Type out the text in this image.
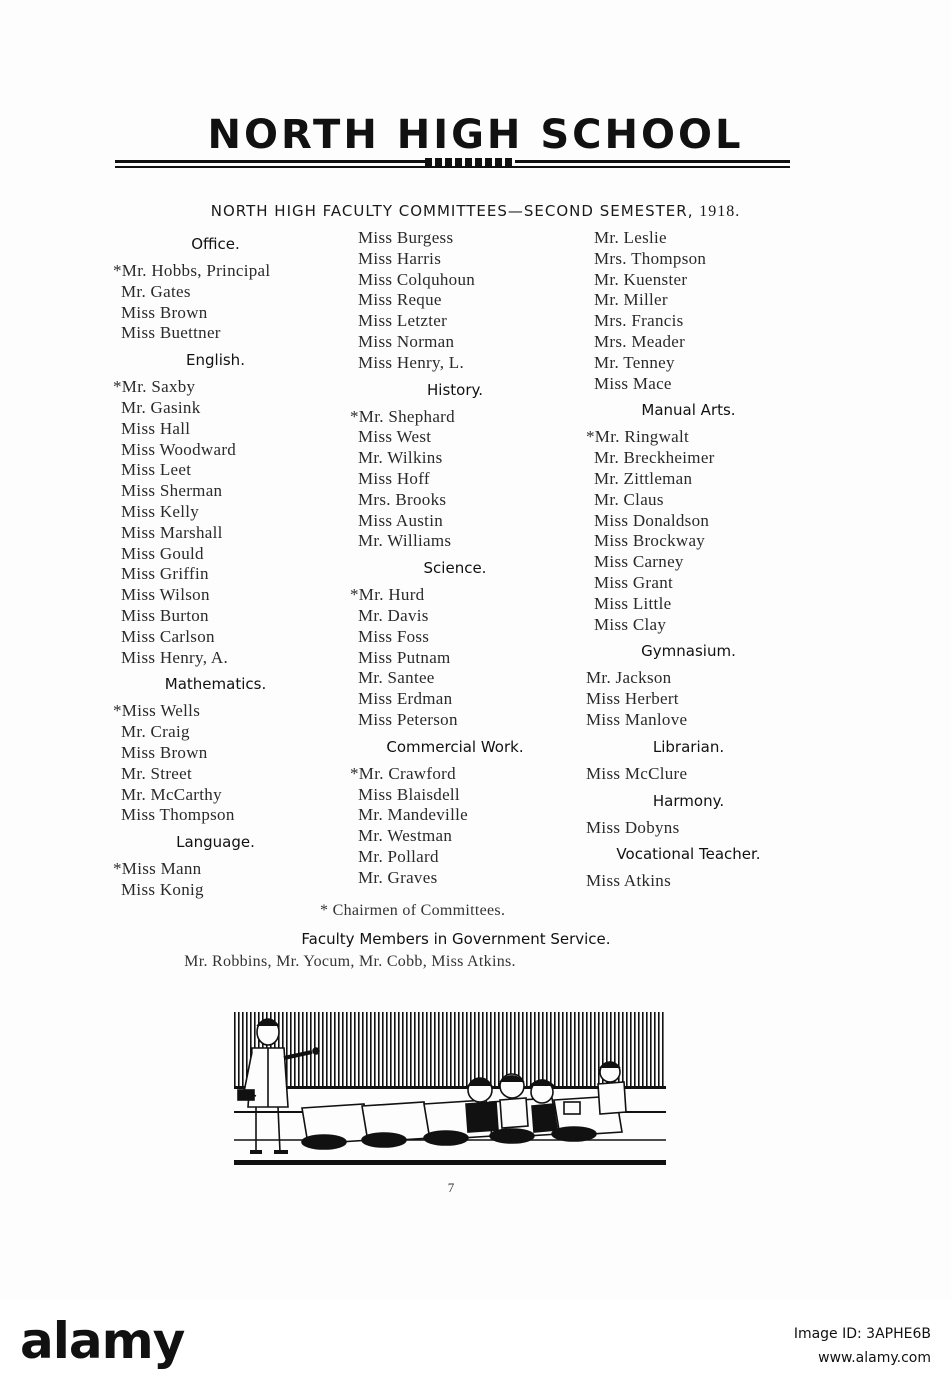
NORTH HIGH SCHOOL
NORTH HIGH FACULTY COMMITTEES—SECOND SEMESTER, 1918.
Office.
*Mr. Hobbs, Principal
Mr. Gates
Miss Brown
Miss Buettner
English.
*Mr. Saxby
Mr. Gasink
Miss Hall
Miss Woodward
Miss Leet
Miss Sherman
Miss Kelly
Miss Marshall
Miss Gould
Miss Griffin
Miss Wilson
Miss Burton
Miss Carlson
Miss Henry, A.
Mathematics.
*Miss Wells
Mr. Craig
Miss Brown
Mr. Street
Mr. McCarthy
Miss Thompson
Language.
*Miss Mann
Miss Konig
Miss Burgess
Miss Harris
Miss Colquhoun
Miss Reque
Miss Letzter
Miss Norman
Miss Henry, L.
History.
*Mr. Shephard
Miss West
Mr. Wilkins
Miss Hoff
Mrs. Brooks
Miss Austin
Mr. Williams
Science.
*Mr. Hurd
Mr. Davis
Miss Foss
Miss Putnam
Mr. Santee
Miss Erdman
Miss Peterson
Commercial Work.
*Mr. Crawford
Miss Blaisdell
Mr. Mandeville
Mr. Westman
Mr. Pollard
Mr. Graves
Mr. Leslie
Mrs. Thompson
Mr. Kuenster
Mr. Miller
Mrs. Francis
Mrs. Meader
Mr. Tenney
Miss Mace
Manual Arts.
*Mr. Ringwalt
Mr. Breckheimer
Mr. Zittleman
Mr. Claus
Miss Donaldson
Miss Brockway
Miss Carney
Miss Grant
Miss Little
Miss Clay
Gymnasium.
Mr. Jackson
Miss Herbert
Miss Manlove
Librarian.
Miss McClure
Harmony.
Miss Dobyns
Vocational Teacher.
Miss Atkins
* Chairmen of Committees.
Faculty Members in Government Service.
Mr. Robbins, Mr. Yocum, Mr. Cobb, Miss Atkins.
7
alamy	Image ID: 3APHE6B
www.alamy.com
